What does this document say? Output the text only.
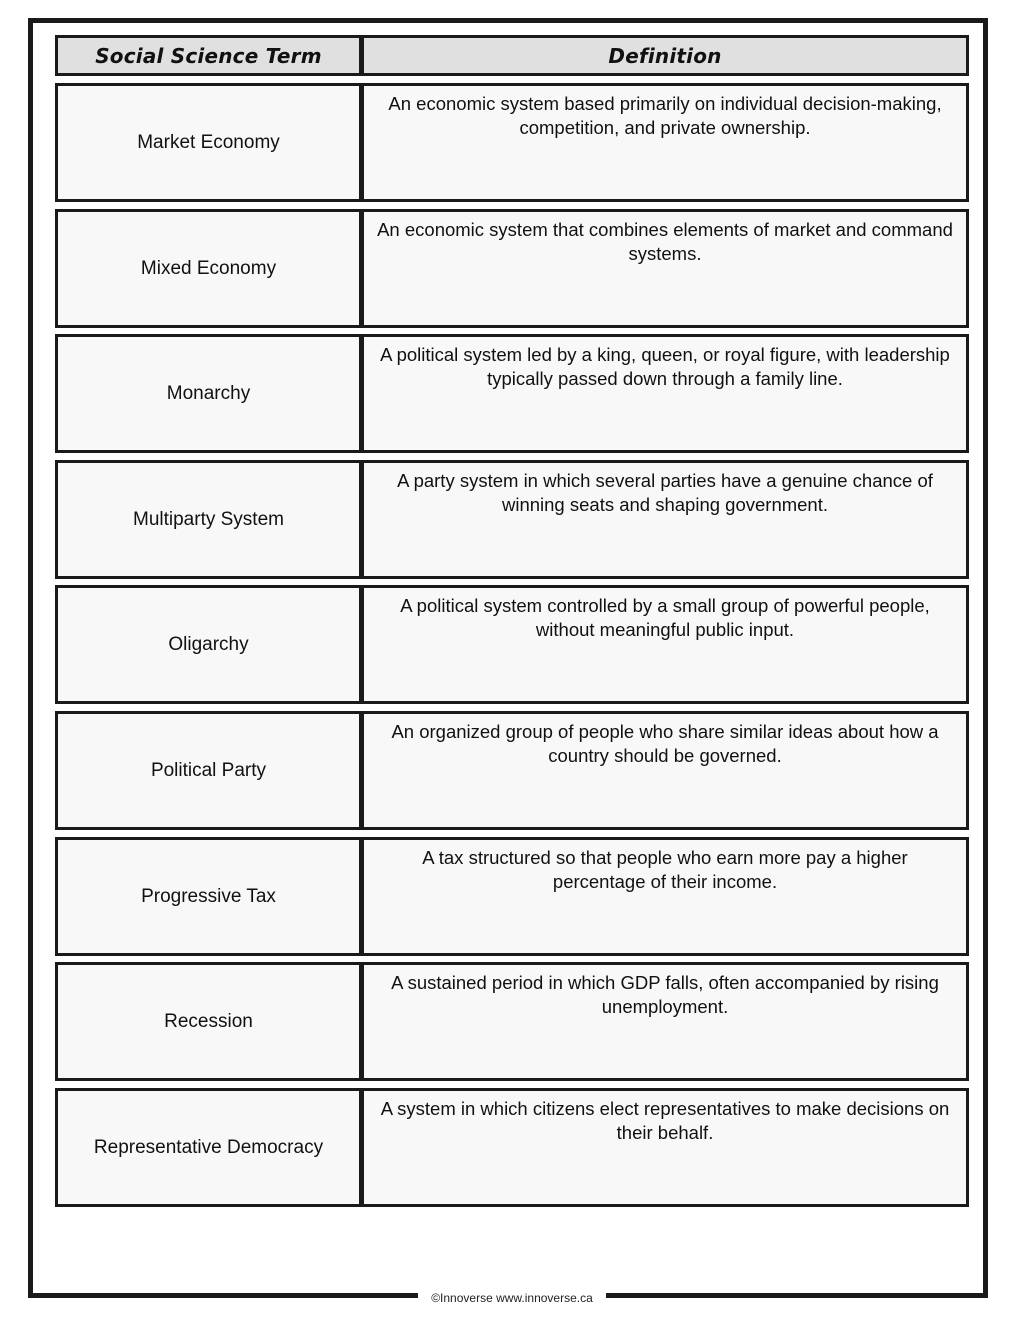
Social Science Term	Definition
Market Economy
An economic system based primarily on individual decision-making, competition, and private ownership.
Mixed Economy
An economic system that combines elements of market and command systems.
Monarchy
A political system led by a king, queen, or royal figure, with leadership typically passed down through a family line.
Multiparty System
A party system in which several parties have a genuine chance of winning seats and shaping government.
Oligarchy
A political system controlled by a small group of powerful people, without meaningful public input.
Political Party
An organized group of people who share similar ideas about how a country should be governed.
Progressive Tax
A tax structured so that people who earn more pay a higher percentage of their income.
Recession
A sustained period in which GDP falls, often accompanied by rising unemployment.
Representative Democracy
A system in which citizens elect representatives to make decisions on their behalf.
©Innoverse www.innoverse.ca
